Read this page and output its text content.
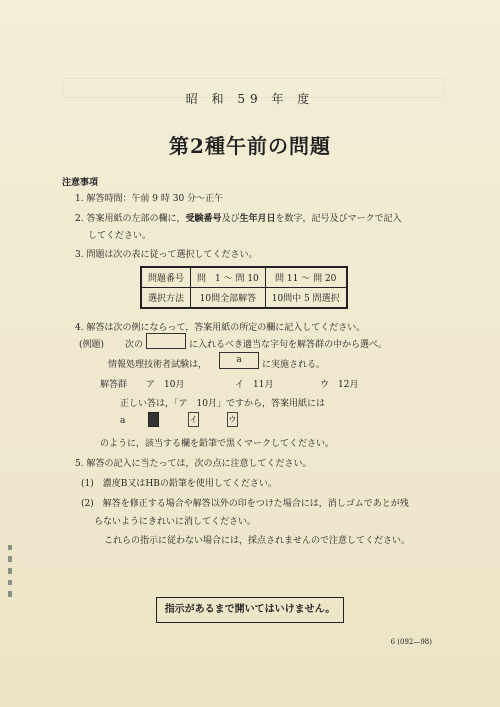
昭 和 59 年 度
第2種午前の問題
注意事項
1. 解答時間：午前 9 時 30 分～正午
2. 答案用紙の左部の欄に，受験番号及び生年月日を数字，記号及びマークで記入
してください。
3. 問題は次の表に従って選択してください。
問題番号	問　1 ～ 問 10	問 11 ～ 問 20
選択方法	10問全部解答	10問中 5 問選択
4. 解答は次の例にならって，答案用紙の所定の欄に記入してください。
(例題) 次の	に入れるべき適当な字句を解答群の中から選べ。
情報処理技術者試験は，	a	に実施される。
解答群 ア　10月	イ　11月	ウ　12月
正しい答は，「ア　10月」ですから，答案用紙には
a	イ	ウ
のように，該当する欄を鉛筆で黒くマークしてください。
5. 解答の記入に当たっては，次の点に注意してください。
(1)　濃度B又はHBの鉛筆を使用してください。
(2)　解答を修正する場合や解答以外の印をつけた場合には，消しゴムであとが残
らないようにきれいに消してください。
これらの指示に従わない場合には，採点されませんので注意してください。
指示があるまで開いてはいけません。
6 (092—98)
